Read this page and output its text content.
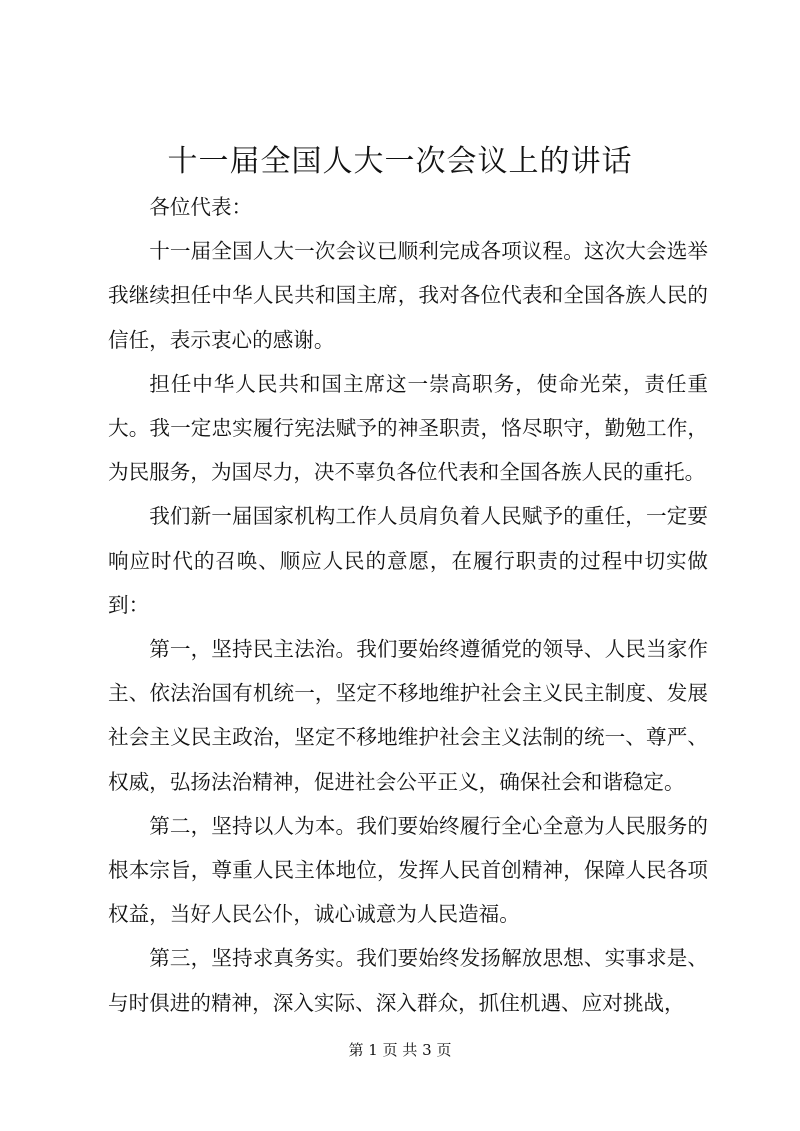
十一届全国人大一次会议上的讲话

各位代表：

十一届全国人大一次会议已顺利完成各项议程。这次大会选举我继续担任中华人民共和国主席，我对各位代表和全国各族人民的信任，表示衷心的感谢。

担任中华人民共和国主席这一崇高职务，使命光荣，责任重大。我一定忠实履行宪法赋予的神圣职责，恪尽职守，勤勉工作，为民服务，为国尽力，决不辜负各位代表和全国各族人民的重托。

我们新一届国家机构工作人员肩负着人民赋予的重任，一定要响应时代的召唤、顺应人民的意愿，在履行职责的过程中切实做到：

第一，坚持民主法治。我们要始终遵循党的领导、人民当家作主、依法治国有机统一，坚定不移地维护社会主义民主制度、发展社会主义民主政治，坚定不移地维护社会主义法制的统一、尊严、权威，弘扬法治精神，促进社会公平正义，确保社会和谐稳定。

第二，坚持以人为本。我们要始终履行全心全意为人民服务的根本宗旨，尊重人民主体地位，发挥人民首创精神，保障人民各项权益，当好人民公仆，诚心诚意为人民造福。

第三，坚持求真务实。我们要始终发扬解放思想、实事求是、与时俱进的精神，深入实际、深入群众，抓住机遇、应对挑战，

第 1 页 共 3 页
